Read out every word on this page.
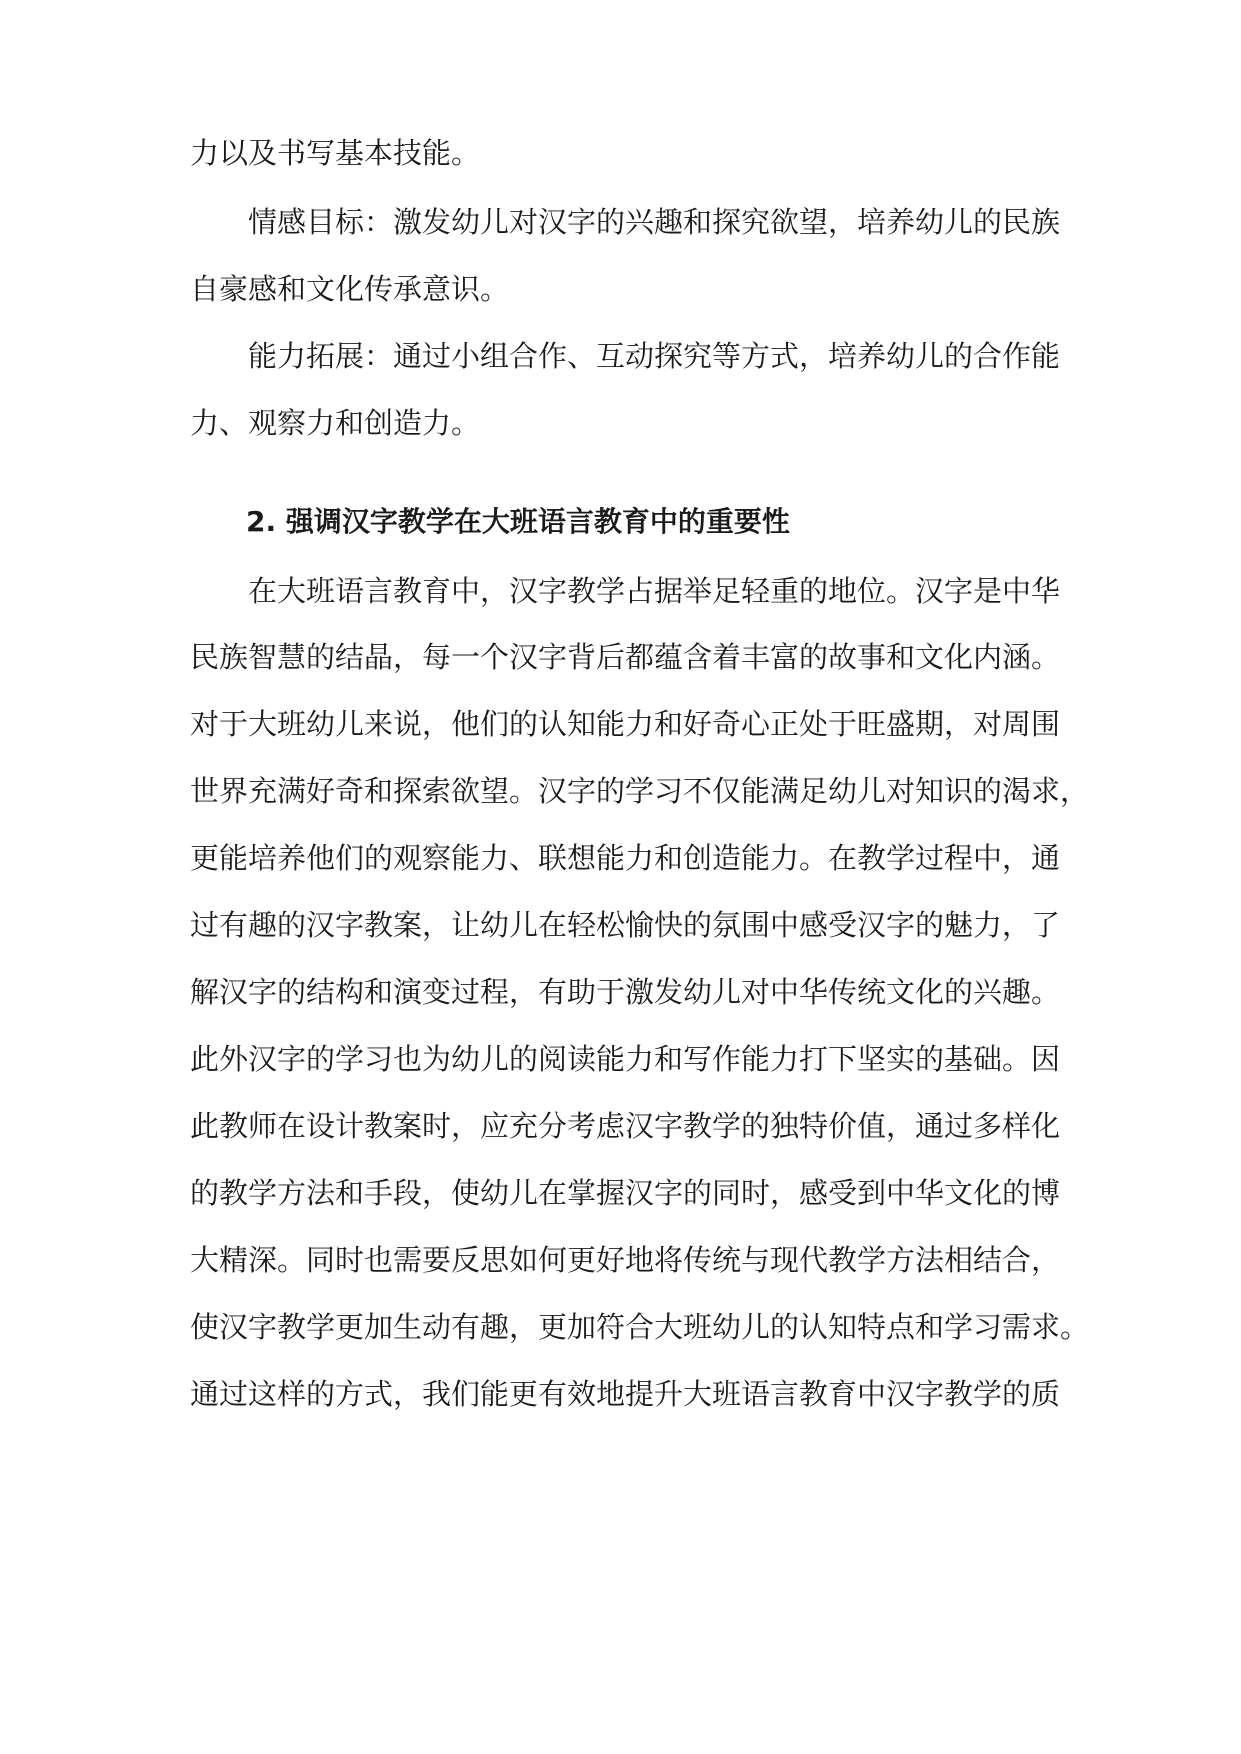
力以及书写基本技能。
情感目标：激发幼儿对汉字的兴趣和探究欲望，培养幼儿的民族
自豪感和文化传承意识。
能力拓展：通过小组合作、互动探究等方式，培养幼儿的合作能
力、观察力和创造力。
2. 强调汉字教学在大班语言教育中的重要性
在大班语言教育中，汉字教学占据举足轻重的地位。汉字是中华
民族智慧的结晶，每一个汉字背后都蕴含着丰富的故事和文化内涵。
对于大班幼儿来说，他们的认知能力和好奇心正处于旺盛期，对周围
世界充满好奇和探索欲望。汉字的学习不仅能满足幼儿对知识的渴求，
更能培养他们的观察能力、联想能力和创造能力。在教学过程中，通
过有趣的汉字教案，让幼儿在轻松愉快的氛围中感受汉字的魅力，了
解汉字的结构和演变过程，有助于激发幼儿对中华传统文化的兴趣。
此外汉字的学习也为幼儿的阅读能力和写作能力打下坚实的基础。因
此教师在设计教案时，应充分考虑汉字教学的独特价值，通过多样化
的教学方法和手段，使幼儿在掌握汉字的同时，感受到中华文化的博
大精深。同时也需要反思如何更好地将传统与现代教学方法相结合，
使汉字教学更加生动有趣，更加符合大班幼儿的认知特点和学习需求。
通过这样的方式，我们能更有效地提升大班语言教育中汉字教学的质
